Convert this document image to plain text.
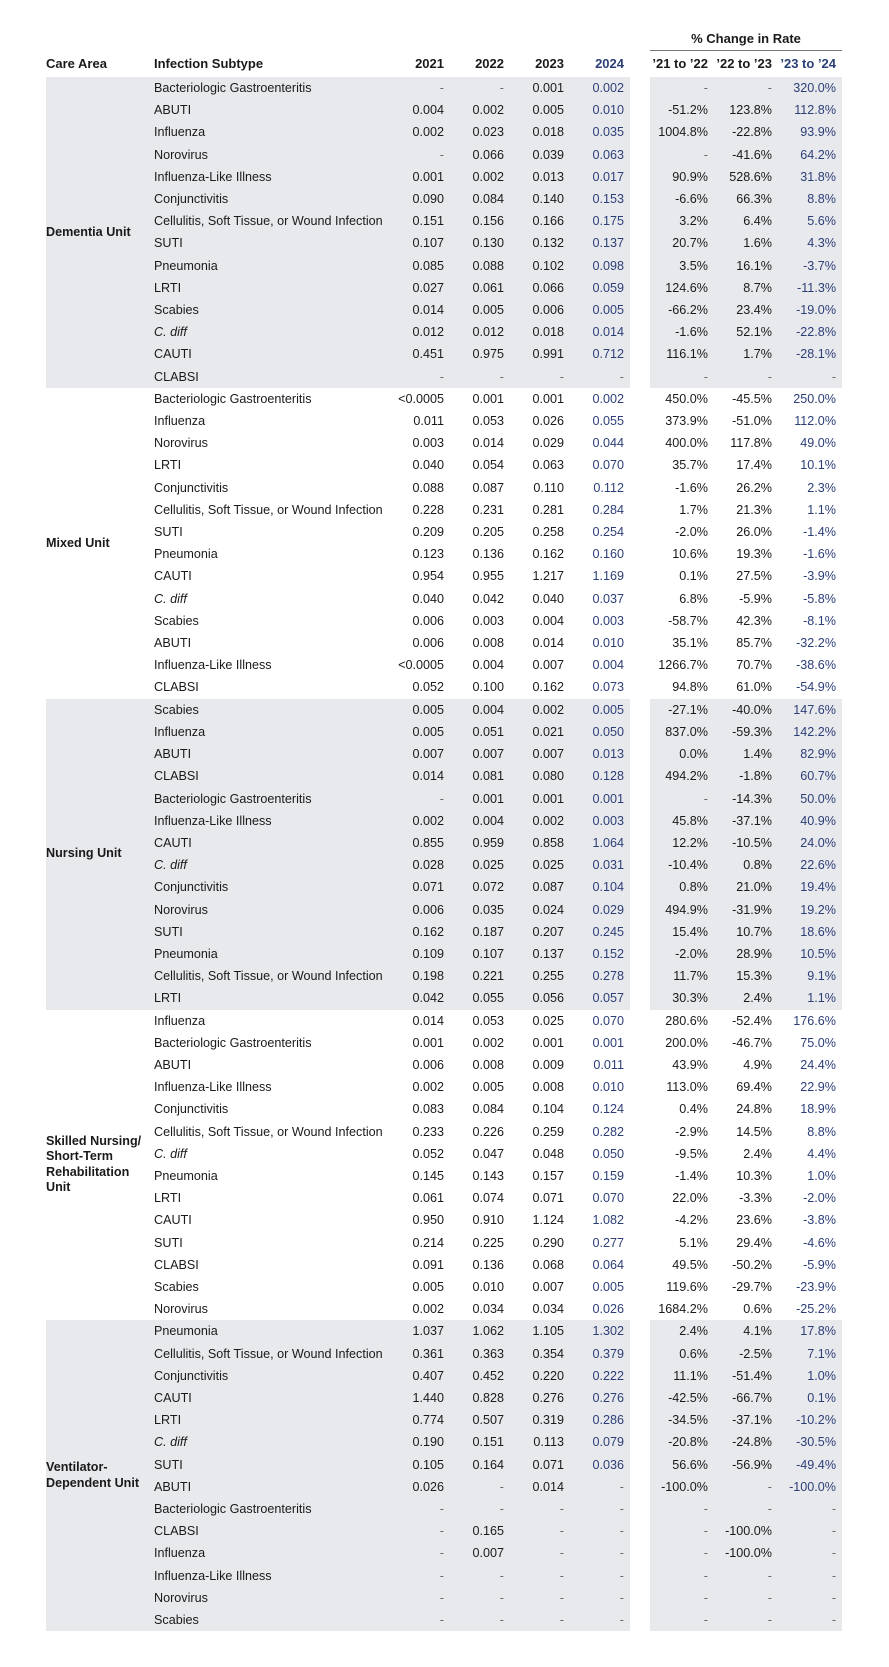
							% Change in Rate		
Care Area	Infection Subtype	2021	2022	2023	2024		’21 to ’22	’22 to ’23	’23 to ’24
Dementia Unit	Bacteriologic Gastroenteritis	-	-	0.001	0.002		-	-	320.0%
	ABUTI	0.004	0.002	0.005	0.010		-51.2%	123.8%	112.8%
	Influenza	0.002	0.023	0.018	0.035		1004.8%	-22.8%	93.9%
	Norovirus	-	0.066	0.039	0.063		-	-41.6%	64.2%
	Influenza-Like Illness	0.001	0.002	0.013	0.017		90.9%	528.6%	31.8%
	Conjunctivitis	0.090	0.084	0.140	0.153		-6.6%	66.3%	8.8%
	Cellulitis, Soft Tissue, or Wound Infection	0.151	0.156	0.166	0.175		3.2%	6.4%	5.6%
	SUTI	0.107	0.130	0.132	0.137		20.7%	1.6%	4.3%
	Pneumonia	0.085	0.088	0.102	0.098		3.5%	16.1%	-3.7%
	LRTI	0.027	0.061	0.066	0.059		124.6%	8.7%	-11.3%
	Scabies	0.014	0.005	0.006	0.005		-66.2%	23.4%	-19.0%
	C. diff	0.012	0.012	0.018	0.014		-1.6%	52.1%	-22.8%
	CAUTI	0.451	0.975	0.991	0.712		116.1%	1.7%	-28.1%
	CLABSI	-	-	-	-		-	-	-
Mixed Unit	Bacteriologic Gastroenteritis	<0.0005	0.001	0.001	0.002		450.0%	-45.5%	250.0%
	Influenza	0.011	0.053	0.026	0.055		373.9%	-51.0%	112.0%
	Norovirus	0.003	0.014	0.029	0.044		400.0%	117.8%	49.0%
	LRTI	0.040	0.054	0.063	0.070		35.7%	17.4%	10.1%
	Conjunctivitis	0.088	0.087	0.110	0.112		-1.6%	26.2%	2.3%
	Cellulitis, Soft Tissue, or Wound Infection	0.228	0.231	0.281	0.284		1.7%	21.3%	1.1%
	SUTI	0.209	0.205	0.258	0.254		-2.0%	26.0%	-1.4%
	Pneumonia	0.123	0.136	0.162	0.160		10.6%	19.3%	-1.6%
	CAUTI	0.954	0.955	1.217	1.169		0.1%	27.5%	-3.9%
	C. diff	0.040	0.042	0.040	0.037		6.8%	-5.9%	-5.8%
	Scabies	0.006	0.003	0.004	0.003		-58.7%	42.3%	-8.1%
	ABUTI	0.006	0.008	0.014	0.010		35.1%	85.7%	-32.2%
	Influenza-Like Illness	<0.0005	0.004	0.007	0.004		1266.7%	70.7%	-38.6%
	CLABSI	0.052	0.100	0.162	0.073		94.8%	61.0%	-54.9%
Nursing Unit	Scabies	0.005	0.004	0.002	0.005		-27.1%	-40.0%	147.6%
	Influenza	0.005	0.051	0.021	0.050		837.0%	-59.3%	142.2%
	ABUTI	0.007	0.007	0.007	0.013		0.0%	1.4%	82.9%
	CLABSI	0.014	0.081	0.080	0.128		494.2%	-1.8%	60.7%
	Bacteriologic Gastroenteritis	-	0.001	0.001	0.001		-	-14.3%	50.0%
	Influenza-Like Illness	0.002	0.004	0.002	0.003		45.8%	-37.1%	40.9%
	CAUTI	0.855	0.959	0.858	1.064		12.2%	-10.5%	24.0%
	C. diff	0.028	0.025	0.025	0.031		-10.4%	0.8%	22.6%
	Conjunctivitis	0.071	0.072	0.087	0.104		0.8%	21.0%	19.4%
	Norovirus	0.006	0.035	0.024	0.029		494.9%	-31.9%	19.2%
	SUTI	0.162	0.187	0.207	0.245		15.4%	10.7%	18.6%
	Pneumonia	0.109	0.107	0.137	0.152		-2.0%	28.9%	10.5%
	Cellulitis, Soft Tissue, or Wound Infection	0.198	0.221	0.255	0.278		11.7%	15.3%	9.1%
	LRTI	0.042	0.055	0.056	0.057		30.3%	2.4%	1.1%
Skilled Nursing/ Short-Term Rehabilitation Unit	Influenza	0.014	0.053	0.025	0.070		280.6%	-52.4%	176.6%
	Bacteriologic Gastroenteritis	0.001	0.002	0.001	0.001		200.0%	-46.7%	75.0%
	ABUTI	0.006	0.008	0.009	0.011		43.9%	4.9%	24.4%
	Influenza-Like Illness	0.002	0.005	0.008	0.010		113.0%	69.4%	22.9%
	Conjunctivitis	0.083	0.084	0.104	0.124		0.4%	24.8%	18.9%
	Cellulitis, Soft Tissue, or Wound Infection	0.233	0.226	0.259	0.282		-2.9%	14.5%	8.8%
	C. diff	0.052	0.047	0.048	0.050		-9.5%	2.4%	4.4%
	Pneumonia	0.145	0.143	0.157	0.159		-1.4%	10.3%	1.0%
	LRTI	0.061	0.074	0.071	0.070		22.0%	-3.3%	-2.0%
	CAUTI	0.950	0.910	1.124	1.082		-4.2%	23.6%	-3.8%
	SUTI	0.214	0.225	0.290	0.277		5.1%	29.4%	-4.6%
	CLABSI	0.091	0.136	0.068	0.064		49.5%	-50.2%	-5.9%
	Scabies	0.005	0.010	0.007	0.005		119.6%	-29.7%	-23.9%
	Norovirus	0.002	0.034	0.034	0.026		1684.2%	0.6%	-25.2%
Ventilator-Dependent Unit	Pneumonia	1.037	1.062	1.105	1.302		2.4%	4.1%	17.8%
	Cellulitis, Soft Tissue, or Wound Infection	0.361	0.363	0.354	0.379		0.6%	-2.5%	7.1%
	Conjunctivitis	0.407	0.452	0.220	0.222		11.1%	-51.4%	1.0%
	CAUTI	1.440	0.828	0.276	0.276		-42.5%	-66.7%	0.1%
	LRTI	0.774	0.507	0.319	0.286		-34.5%	-37.1%	-10.2%
	C. diff	0.190	0.151	0.113	0.079		-20.8%	-24.8%	-30.5%
	SUTI	0.105	0.164	0.071	0.036		56.6%	-56.9%	-49.4%
	ABUTI	0.026	-	0.014	-		-100.0%	-	-100.0%
	Bacteriologic Gastroenteritis	-	-	-	-		-	-	-
	CLABSI	-	0.165	-	-		-	-100.0%	-
	Influenza	-	0.007	-	-		-	-100.0%	-
	Influenza-Like Illness	-	-	-	-		-	-	-
	Norovirus	-	-	-	-		-	-	-
	Scabies	-	-	-	-		-	-	-
